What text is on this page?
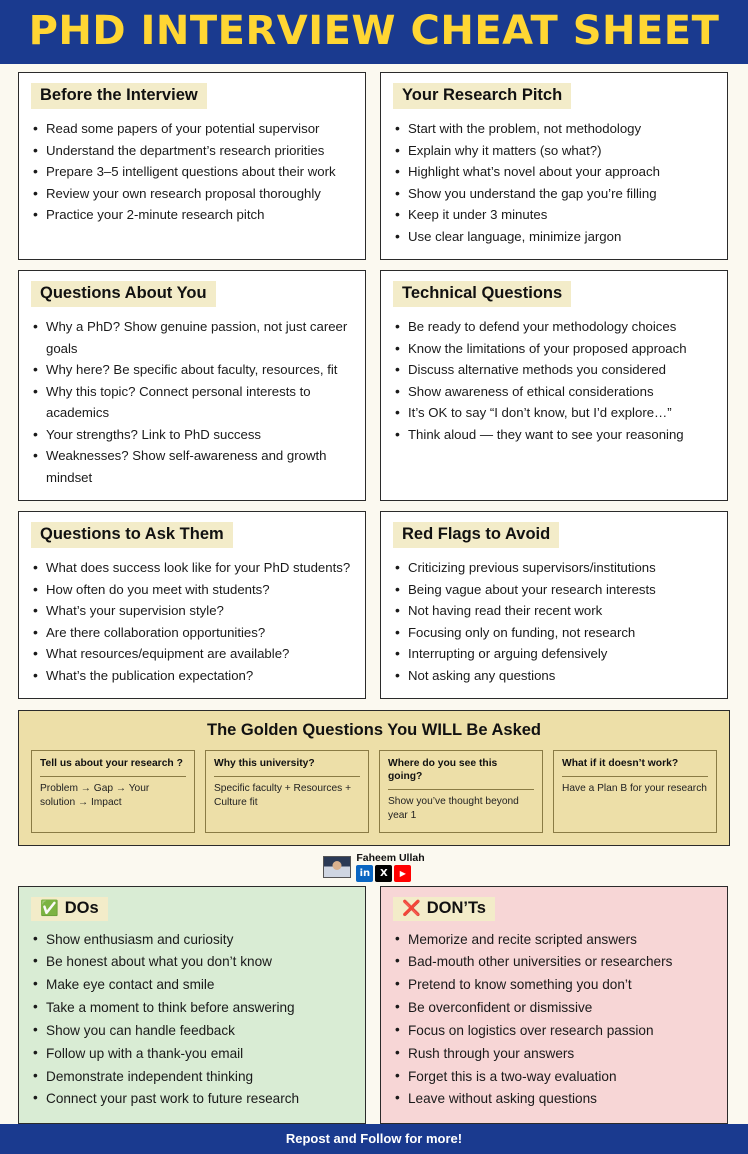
PHD INTERVIEW CHEAT SHEET
Before the Interview
• Read some papers of your potential supervisor
• Understand the department’s research priorities
• Prepare 3–5 intelligent questions about their work
• Review your own research proposal thoroughly
• Practice your 2-minute research pitch
Your Research Pitch
• Start with the problem, not methodology
• Explain why it matters (so what?)
• Highlight what’s novel about your approach
• Show you understand the gap you’re filling
• Keep it under 3 minutes
• Use clear language, minimize jargon
Questions About You
• Why a PhD? Show genuine passion, not just career goals
• Why here? Be specific about faculty, resources, fit
• Why this topic? Connect personal interests to academics
• Your strengths? Link to PhD success
• Weaknesses? Show self-awareness and growth mindset
Technical Questions
• Be ready to defend your methodology choices
• Know the limitations of your proposed approach
• Discuss alternative methods you considered
• Show awareness of ethical considerations
• It’s OK to say “I don’t know, but I’d explore…”
• Think aloud — they want to see your reasoning
Questions to Ask Them
• What does success look like for your PhD students?
• How often do you meet with students?
• What’s your supervision style?
• Are there collaboration opportunities?
• What resources/equipment are available?
• What’s the publication expectation?
Red Flags to Avoid
• Criticizing previous supervisors/institutions
• Being vague about your research interests
• Not having read their recent work
• Focusing only on funding, not research
• Interrupting or arguing defensively
• Not asking any questions
The Golden Questions You WILL Be Asked
Tell us about your research ?
Problem → Gap → Your solution → Impact
Why this university?
Specific faculty + Resources + Culture fit
Where do you see this going?
Show you’ve thought beyond year 1
What if it doesn’t work?
Have a Plan B for your research
Faheem Ullah
in X	▶
✅ DOs
• Show enthusiasm and curiosity
• Be honest about what you don’t know
• Make eye contact and smile
• Take a moment to think before answering
• Show you can handle feedback
• Follow up with a thank-you email
• Demonstrate independent thinking
• Connect your past work to future research
❌ DON’Ts
• Memorize and recite scripted answers
• Bad-mouth other universities or researchers
• Pretend to know something you don’t
• Be overconfident or dismissive
• Focus on logistics over research passion
• Rush through your answers
• Forget this is a two-way evaluation
• Leave without asking questions
Repost and Follow for more!
